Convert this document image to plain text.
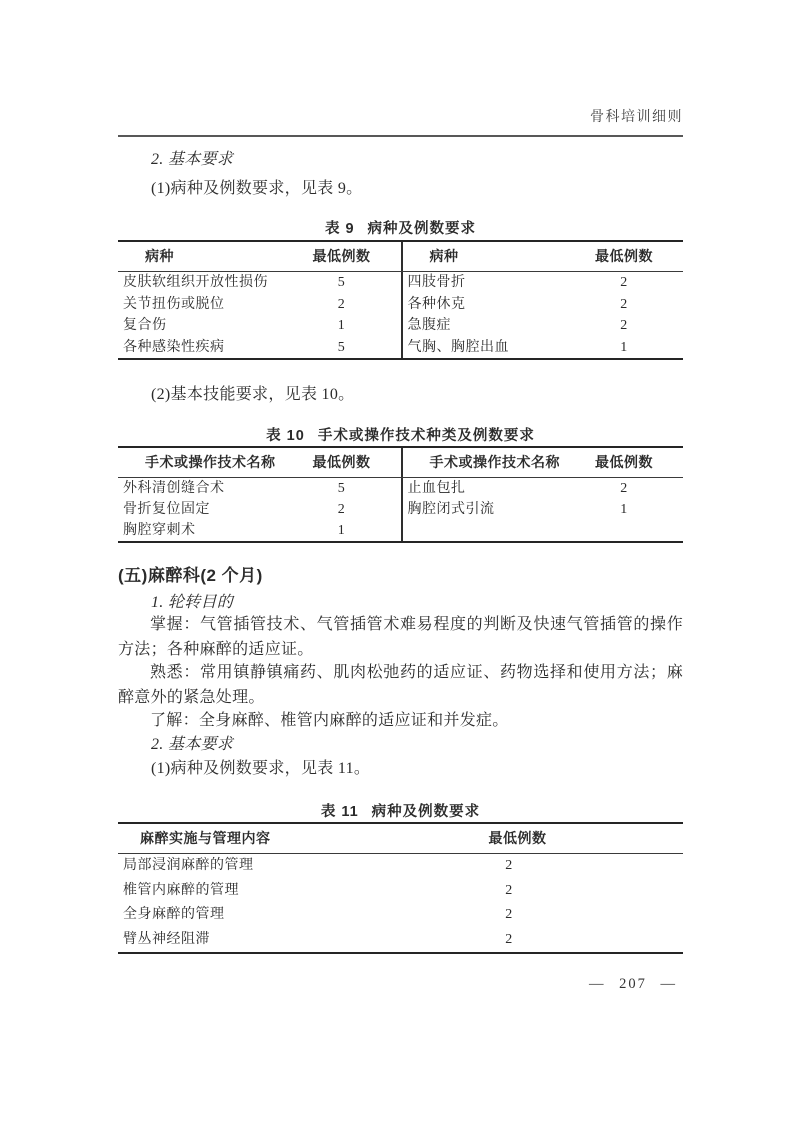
骨科培训细则
2. 基本要求
(1)病种及例数要求，见表 9。
表 9 病种及例数要求
病种	最低例数	病种	最低例数
皮肤软组织开放性损伤	5	四肢骨折	2
关节扭伤或脱位	2	各种休克	2
复合伤	1	急腹症	2
各种感染性疾病	5	气胸、胸腔出血	1
(2)基本技能要求，见表 10。
表 10 手术或操作技术种类及例数要求
手术或操作技术名称	最低例数	手术或操作技术名称	最低例数
外科清创缝合术	5	止血包扎	2
骨折复位固定	2	胸腔闭式引流	1
胸腔穿刺术	1
(五)麻醉科(2 个月)
1. 轮转目的
掌握：气管插管技术、气管插管术难易程度的判断及快速气管插管的操作方法；各种麻醉的适应证。
熟悉：常用镇静镇痛药、肌肉松弛药的适应证、药物选择和使用方法；麻醉意外的紧急处理。
了解：全身麻醉、椎管内麻醉的适应证和并发症。
2. 基本要求
(1)病种及例数要求，见表 11。
表 11 病种及例数要求
麻醉实施与管理内容	最低例数
局部浸润麻醉的管理	2
椎管内麻醉的管理	2
全身麻醉的管理	2
臂丛神经阻滞	2
— 207 —
